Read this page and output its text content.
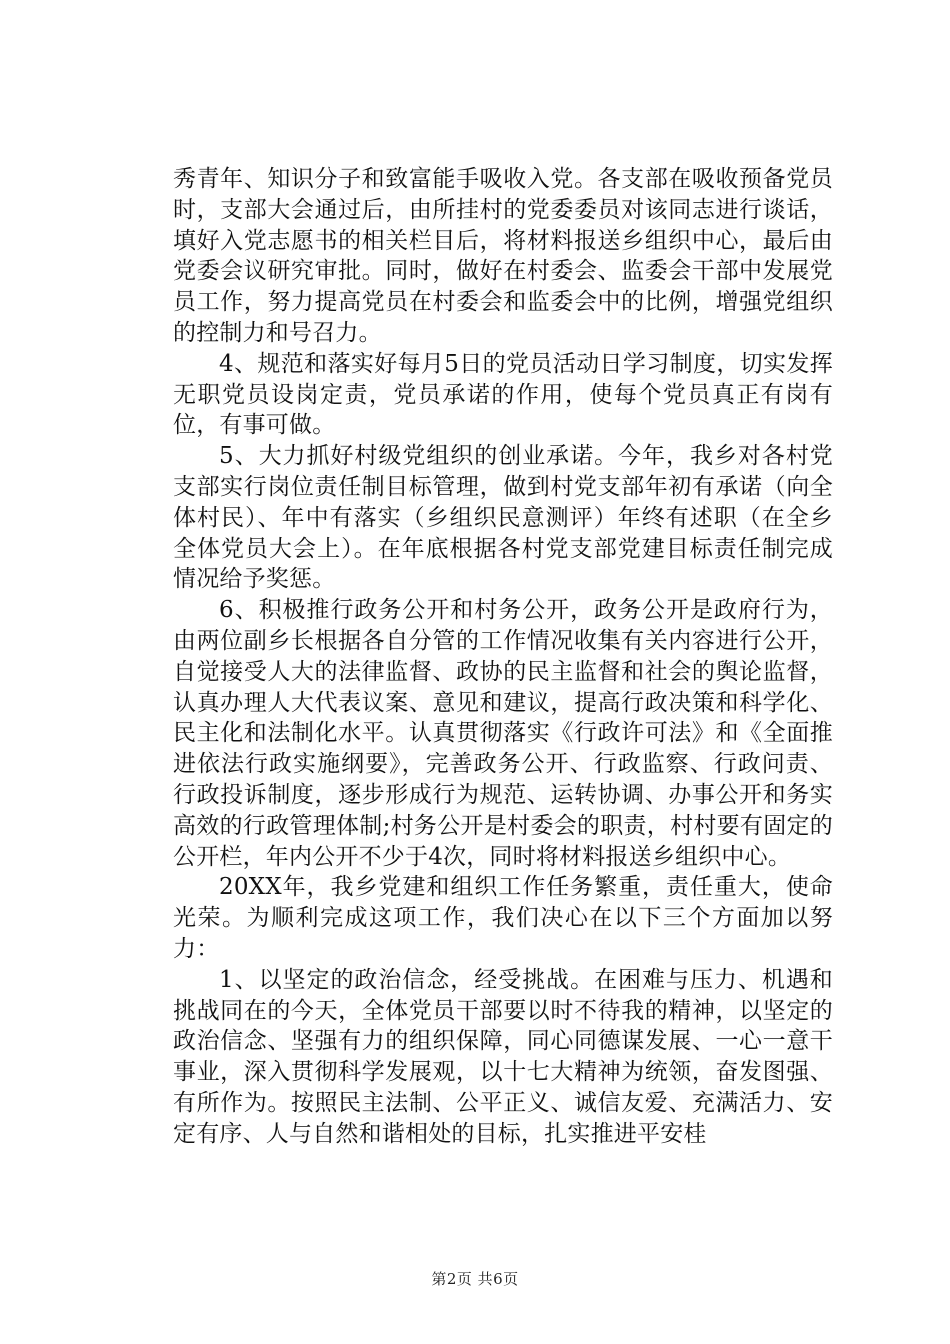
秀青年、知识分子和致富能手吸收入党。各支部在吸收预备党员时，支部大会通过后，由所挂村的党委委员对该同志进行谈话，填好入党志愿书的相关栏目后，将材料报送乡组织中心，最后由党委会议研究审批。同时，做好在村委会、监委会干部中发展党员工作，努力提高党员在村委会和监委会中的比例，增强党组织的控制力和号召力。

4、规范和落实好每月5日的党员活动日学习制度，切实发挥无职党员设岗定责，党员承诺的作用，使每个党员真正有岗有位，有事可做。

5、大力抓好村级党组织的创业承诺。今年，我乡对各村党支部实行岗位责任制目标管理，做到村党支部年初有承诺（向全体村民）、年中有落实（乡组织民意测评）年终有述职（在全乡全体党员大会上）。在年底根据各村党支部党建目标责任制完成情况给予奖惩。

6、积极推行政务公开和村务公开，政务公开是政府行为，由两位副乡长根据各自分管的工作情况收集有关内容进行公开，自觉接受人大的法律监督、政协的民主监督和社会的舆论监督，认真办理人大代表议案、意见和建议，提高行政决策和科学化、民主化和法制化水平。认真贯彻落实《行政许可法》和《全面推进依法行政实施纲要》，完善政务公开、行政监察、行政问责、行政投诉制度，逐步形成行为规范、运转协调、办事公开和务实高效的行政管理体制;村务公开是村委会的职责，村村要有固定的公开栏，年内公开不少于4次，同时将材料报送乡组织中心。

20XX年，我乡党建和组织工作任务繁重，责任重大，使命光荣。为顺利完成这项工作，我们决心在以下三个方面加以努力：

1、以坚定的政治信念，经受挑战。在困难与压力、机遇和挑战同在的今天，全体党员干部要以时不待我的精神，以坚定的政治信念、坚强有力的组织保障，同心同德谋发展、一心一意干事业，深入贯彻科学发展观，以十七大精神为统领，奋发图强、有所作为。按照民主法制、公平正义、诚信友爱、充满活力、安定有序、人与自然和谐相处的目标，扎实推进平安桂

第2页 共6页
